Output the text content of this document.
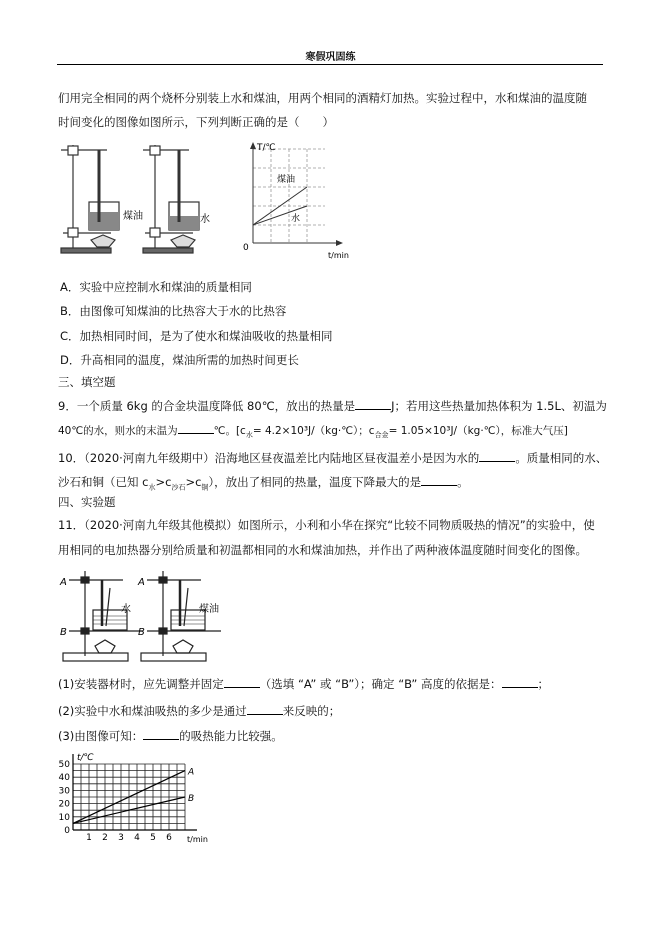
寒假巩固练
们用完全相同的两个烧杯分别装上水和煤油，用两个相同的酒精灯加热。实验过程中，水和煤油的温度随
时间变化的图像如图所示，下列判断正确的是（　　）
煤油	水
T/℃
0
t/min
煤油
水
A．实验中应控制水和煤油的质量相同
B．由图像可知煤油的比热容大于水的比热容
C．加热相同时间，是为了使水和煤油吸收的热量相同
D．升高相同的温度，煤油所需的加热时间更长
三、填空题
9．一个质量 6kg 的合金块温度降低 80℃，放出的热量是	J；若用这些热量加热体积为 1.5L、初温为
40℃的水，则水的末温为	℃。[$c_水=$ 4.2×10³J/（kg·℃）；$c_{合金}=$ 1.05×10³J/（kg·℃），标准大气压]
10．（2020·河南九年级期中）沿海地区昼夜温差比内陆地区昼夜温差小是因为水的	。质量相同的水、
沙石和铜（已知 $c_水>c_{沙石}>c_铜$），放出了相同的热量，温度下降最大的是	。
四、实验题
11．（2020·河南九年级其他模拟）如图所示，小利和小华在探究“比较不同物质吸热的情况”的实验中，使
用相同的电加热器分别给质量和初温都相同的水和煤油加热，并作出了两种液体温度随时间变化的图像。
A
B
A
B
水	煤油
(1)安装器材时，应先调整并固定	（选填 “A” 或 “B”）；确定 “B” 高度的依据是：	；
(2)实验中水和煤油吸热的多少是通过	来反映的；
(3)由图像可知：	的吸热能力比较强。
0
10
20
30
40
50
1 2 3 4 5 6
t/℃
t/min
A
B
